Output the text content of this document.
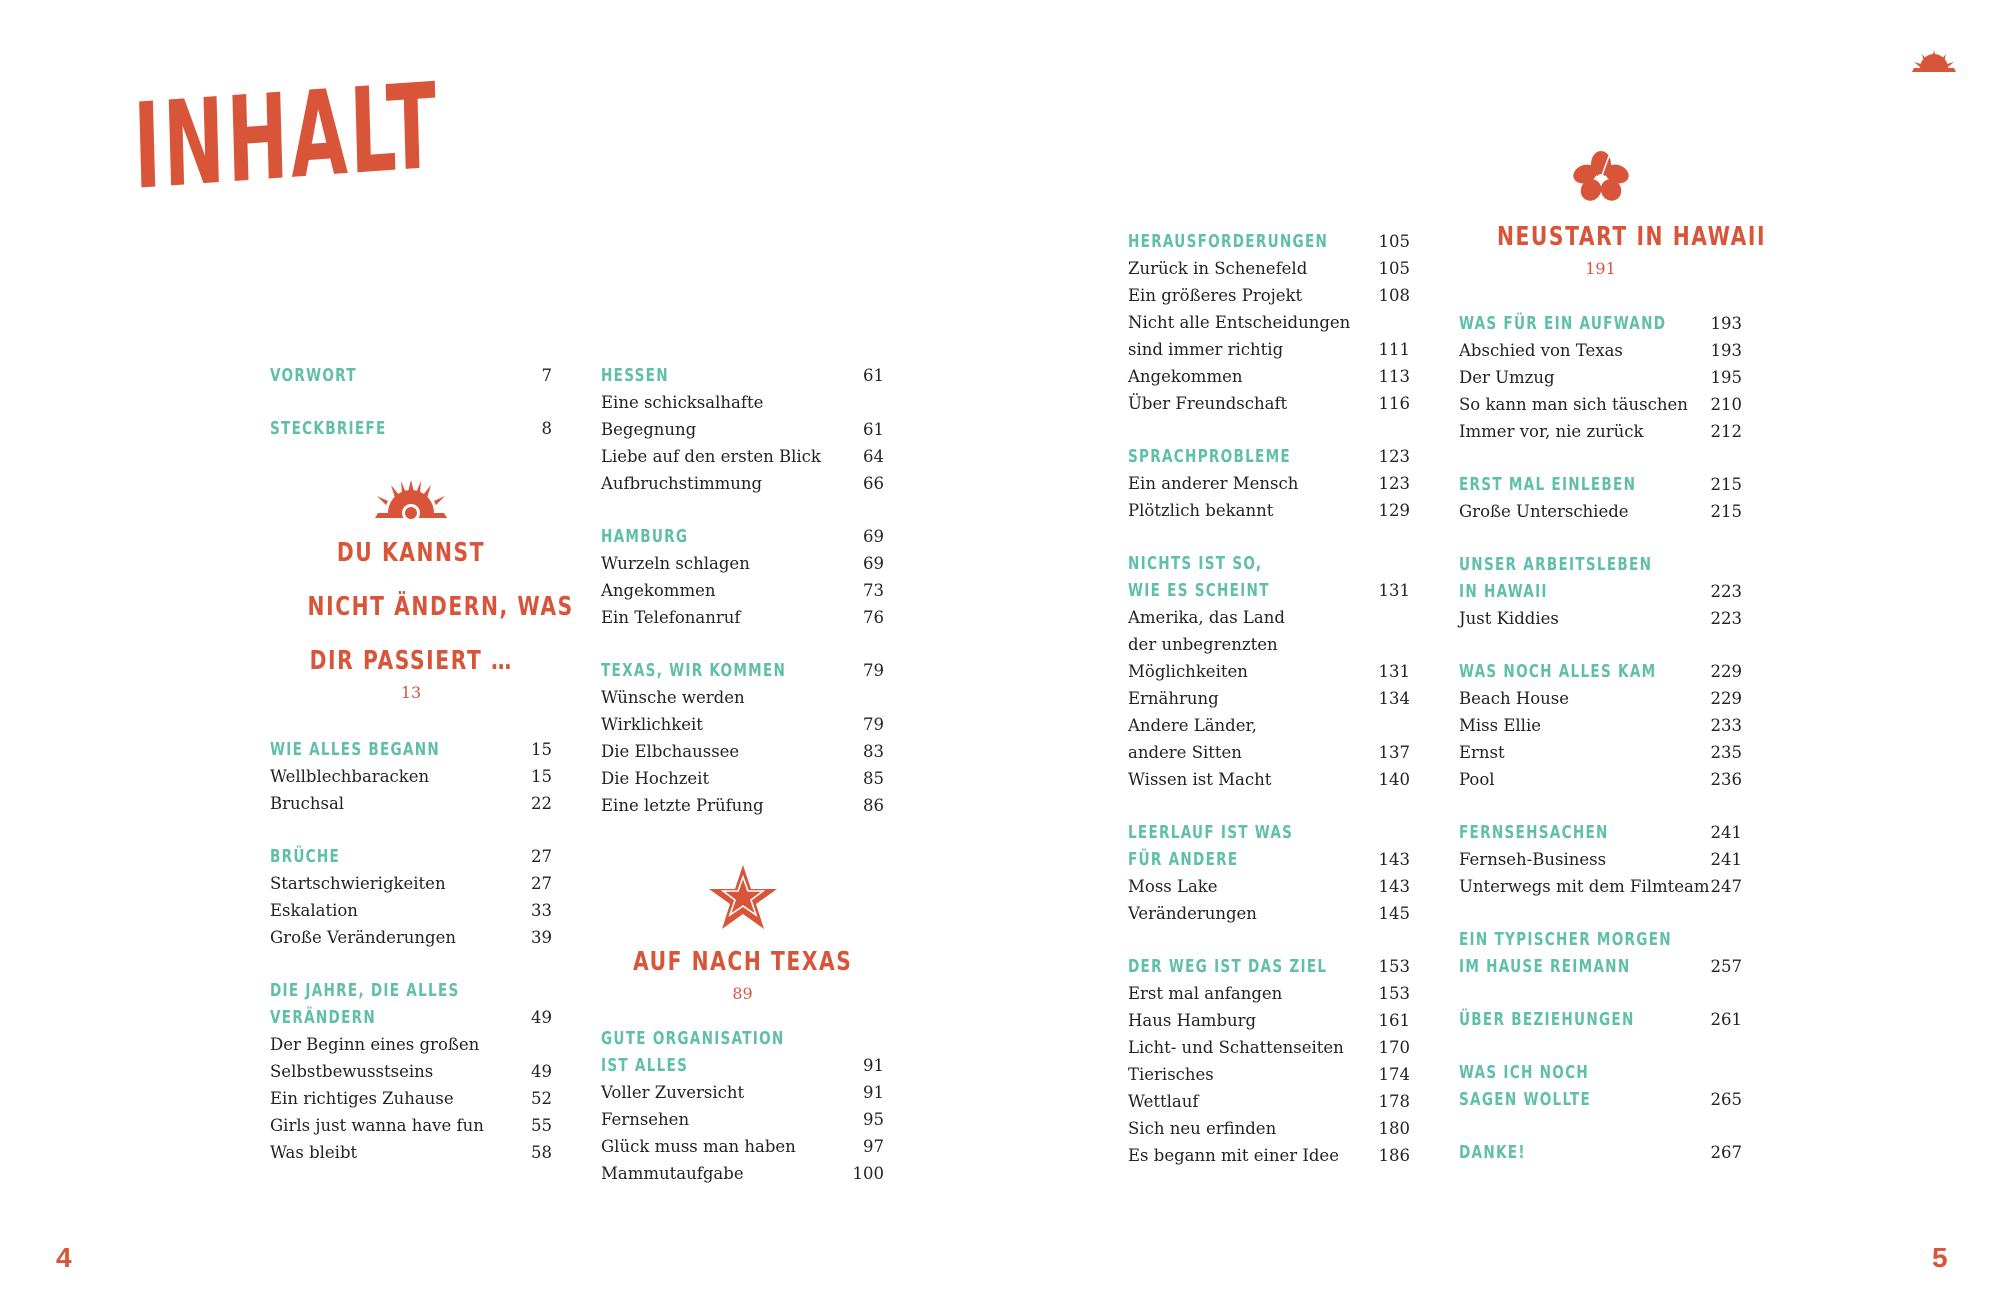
INHALT
VORWORT	7
STECKBRIEFE	8
DU KANNST
NICHT ÄNDERN, WAS
DIR PASSIERT …
13
WIE ALLES BEGANN	15
Wellblechbaracken	15
Bruchsal	22
BRÜCHE	27
Startschwierigkeiten	27
Eskalation	33
Große Veränderungen	39
DIE JAHRE, DIE ALLES
VERÄNDERN	49
Der Beginn eines großen
Selbstbewusstseins	49
Ein richtiges Zuhause	52
Girls just wanna have fun	55
Was bleibt	58
HESSEN	61
Eine schicksalhafte Begegnung	61
Liebe auf den ersten Blick	64
Aufbruchstimmung	66
HAMBURG	69
Wurzeln schlagen	69
Angekommen	73
Ein Telefonanruf	76
TEXAS, WIR KOMMEN	79
Wünsche werden
Wirklichkeit	79
Die Elbchaussee	83
Die Hochzeit	85
Eine letzte Prüfung	86
AUF NACH TEXAS
89
GUTE ORGANISATION
IST ALLES	91
Voller Zuversicht	91
Fernsehen	95
Glück muss man haben	97
Mammutaufgabe	100
HERAUSFORDERUNGEN	105
Zurück in Schenefeld	105
Ein größeres Projekt	108
Nicht alle Entscheidungen
sind immer richtig	111
Angekommen	113
Über Freundschaft	116
SPRACHPROBLEME	123
Ein anderer Mensch	123
Plötzlich bekannt	129
NICHTS IST SO,
WIE ES SCHEINT	131
Amerika, das Land
der unbegrenzten
Möglichkeiten	131
Ernährung	134
Andere Länder,
andere Sitten	137
Wissen ist Macht	140
LEERLAUF IST WAS
FÜR ANDERE	143
Moss Lake	143
Veränderungen	145
DER WEG IST DAS ZIEL	153
Erst mal anfangen	153
Haus Hamburg	161
Licht- und Schattenseiten 170
Tierisches	174
Wettlauf	178
Sich neu erfinden	180
Es begann mit einer Idee 186
NEUSTART IN HAWAII
191
WAS FÜR EIN AUFWAND	193
Abschied von Texas	193
Der Umzug	195
So kann man sich täuschen 210
Immer vor, nie zurück	212
ERST MAL EINLEBEN	215
Große Unterschiede	215
UNSER ARBEITSLEBEN
IN HAWAII	223
Just Kiddies	223
WAS NOCH ALLES KAM	229
Beach House	229
Miss Ellie	233
Ernst	235
Pool	236
FERNSEHSACHEN	241
Fernseh-Business	241
Unterwegs mit dem Filmteam 247
EIN TYPISCHER MORGEN
IM HAUSE REIMANN	257
ÜBER BEZIEHUNGEN	261
WAS ICH NOCH
SAGEN WOLLTE	265
DANKE!	267
4	5
